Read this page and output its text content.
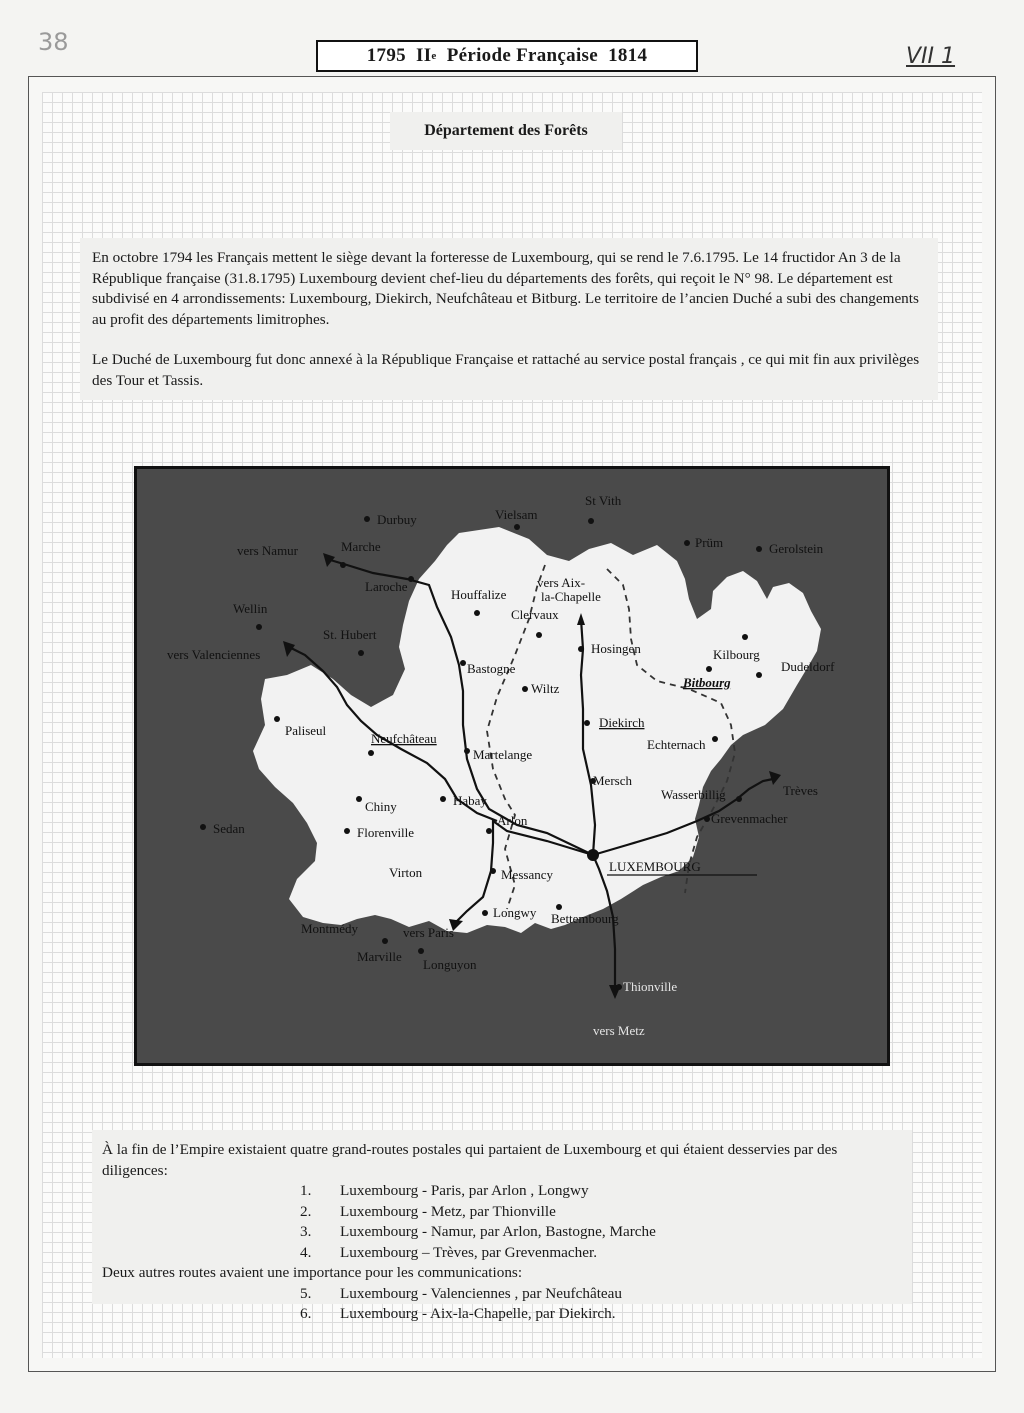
38
VII 1
1795
II e
Période Française
1814
Département des Forêts

En octobre 1794 les Français mettent le siège devant la forteresse de Luxembourg, qui se rend le 7.6.1795. Le 14 fructidor An 3 de la République française (31.8.1795) Luxembourg devient chef-lieu du départements des forêts, qui reçoit le N° 98. Le département est subdivisé en 4 arrondissements: Luxembourg, Diekirch, Neufchâteau et Bitburg. Le territoire de l’ancien Duché a subi des changements au profit des départements limitrophes.

Le Duché de Luxembourg fut donc annexé à la République Française et rattaché au service postal français , ce qui mit fin aux privilèges des Tour et Tassis.

Durbuy	Vielsam
St Vith
Prüm	Gerolstein
vers Namur	Marche
Laroche
Houffalize
vers Aix-
la-Chapelle
Wellin
St. Hubert
Clervaux
Hosingen	Kilbourg
Dudeldorf
vers Valenciennes
Bastogne
Bitbourg
Wiltz
Paliseul
Neufchâteau
Diekirch
Martelange
Echternach
Mersch
Trèves
Wasserbillig
Chiny	Habay
Grevenmacher
Sedan	Florenville
Arlon
LUXEMBOURG
Virton	Messancy
Longwy Bettembourg
Montmédy	vers Paris
Marville
Longuyon
Thionville
vers Metz

À la fin de l’Empire existaient quatre grand-routes postales qui partaient de Luxembourg et qui étaient desservies par des diligences:

1.	Luxembourg - Paris, par Arlon , Longwy
2.	Luxembourg - Metz, par Thionville
3.	Luxembourg - Namur, par Arlon, Bastogne, Marche
4.	Luxembourg – Trèves, par Grevenmacher.

Deux autres routes avaient une importance pour les communications:

5.	Luxembourg - Valenciennes , par Neufchâteau
6.	Luxembourg - Aix-la-Chapelle, par Diekirch.
